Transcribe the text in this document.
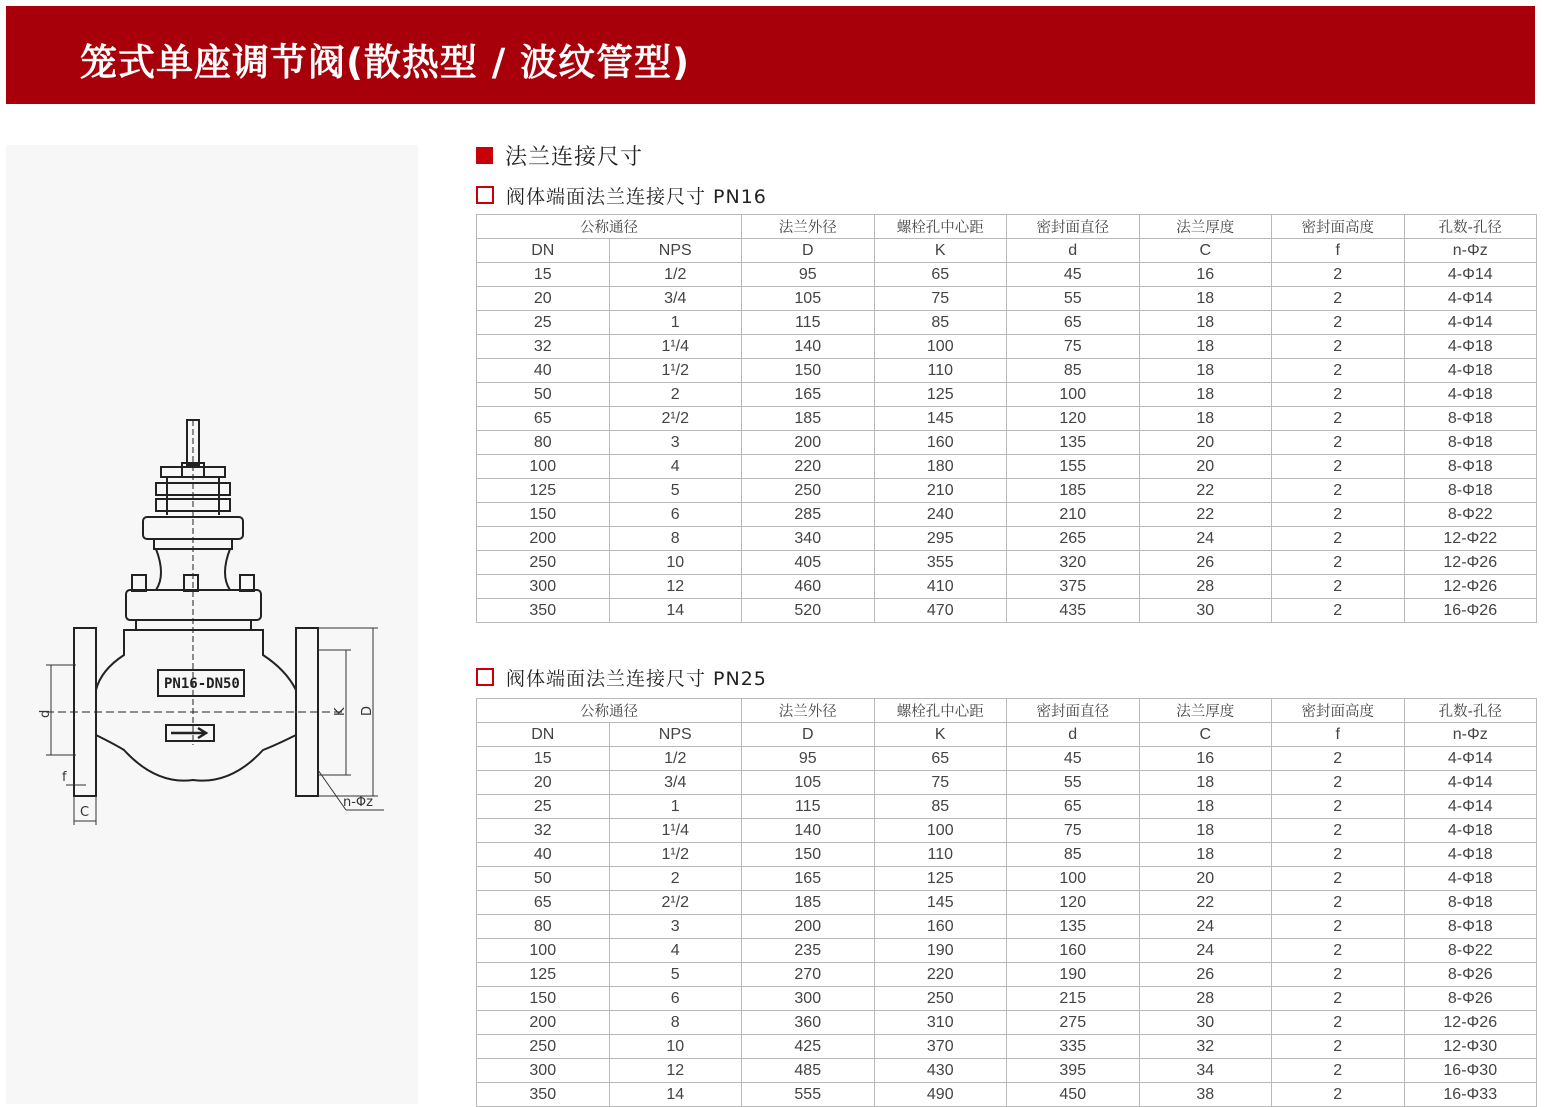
笼式单座调节阀(散热型 / 波纹管型)
PN16-DN50
d	K D
f
C
n-Φz
法兰连接尺寸
阀体端面法兰连接尺寸 PN16
公称通径		法兰外径	螺栓孔中心距	密封面直径	法兰厚度	密封面高度	孔数-孔径
DN	NPS	D	K	d	C	f	n-Φz
15	1/2	95	65	45	16	2	4-Φ14
20	3/4	105	75	55	18	2	4-Φ14
25	1	115	85	65	18	2	4-Φ14
32	1¹/4	140	100	75	18	2	4-Φ18
40	1¹/2	150	110	85	18	2	4-Φ18
50	2	165	125	100	18	2	4-Φ18
65	2¹/2	185	145	120	18	2	8-Φ18
80	3	200	160	135	20	2	8-Φ18
100	4	220	180	155	20	2	8-Φ18
125	5	250	210	185	22	2	8-Φ18
150	6	285	240	210	22	2	8-Φ22
200	8	340	295	265	24	2	12-Φ22
250	10	405	355	320	26	2	12-Φ26
300	12	460	410	375	28	2	12-Φ26
350	14	520	470	435	30	2	16-Φ26
阀体端面法兰连接尺寸 PN25
公称通径		法兰外径	螺栓孔中心距	密封面直径	法兰厚度	密封面高度	孔数-孔径
DN	NPS	D	K	d	C	f	n-Φz
15	1/2	95	65	45	16	2	4-Φ14
20	3/4	105	75	55	18	2	4-Φ14
25	1	115	85	65	18	2	4-Φ14
32	1¹/4	140	100	75	18	2	4-Φ18
40	1¹/2	150	110	85	18	2	4-Φ18
50	2	165	125	100	20	2	4-Φ18
65	2¹/2	185	145	120	22	2	8-Φ18
80	3	200	160	135	24	2	8-Φ18
100	4	235	190	160	24	2	8-Φ22
125	5	270	220	190	26	2	8-Φ26
150	6	300	250	215	28	2	8-Φ26
200	8	360	310	275	30	2	12-Φ26
250	10	425	370	335	32	2	12-Φ30
300	12	485	430	395	34	2	16-Φ30
350	14	555	490	450	38	2	16-Φ33
